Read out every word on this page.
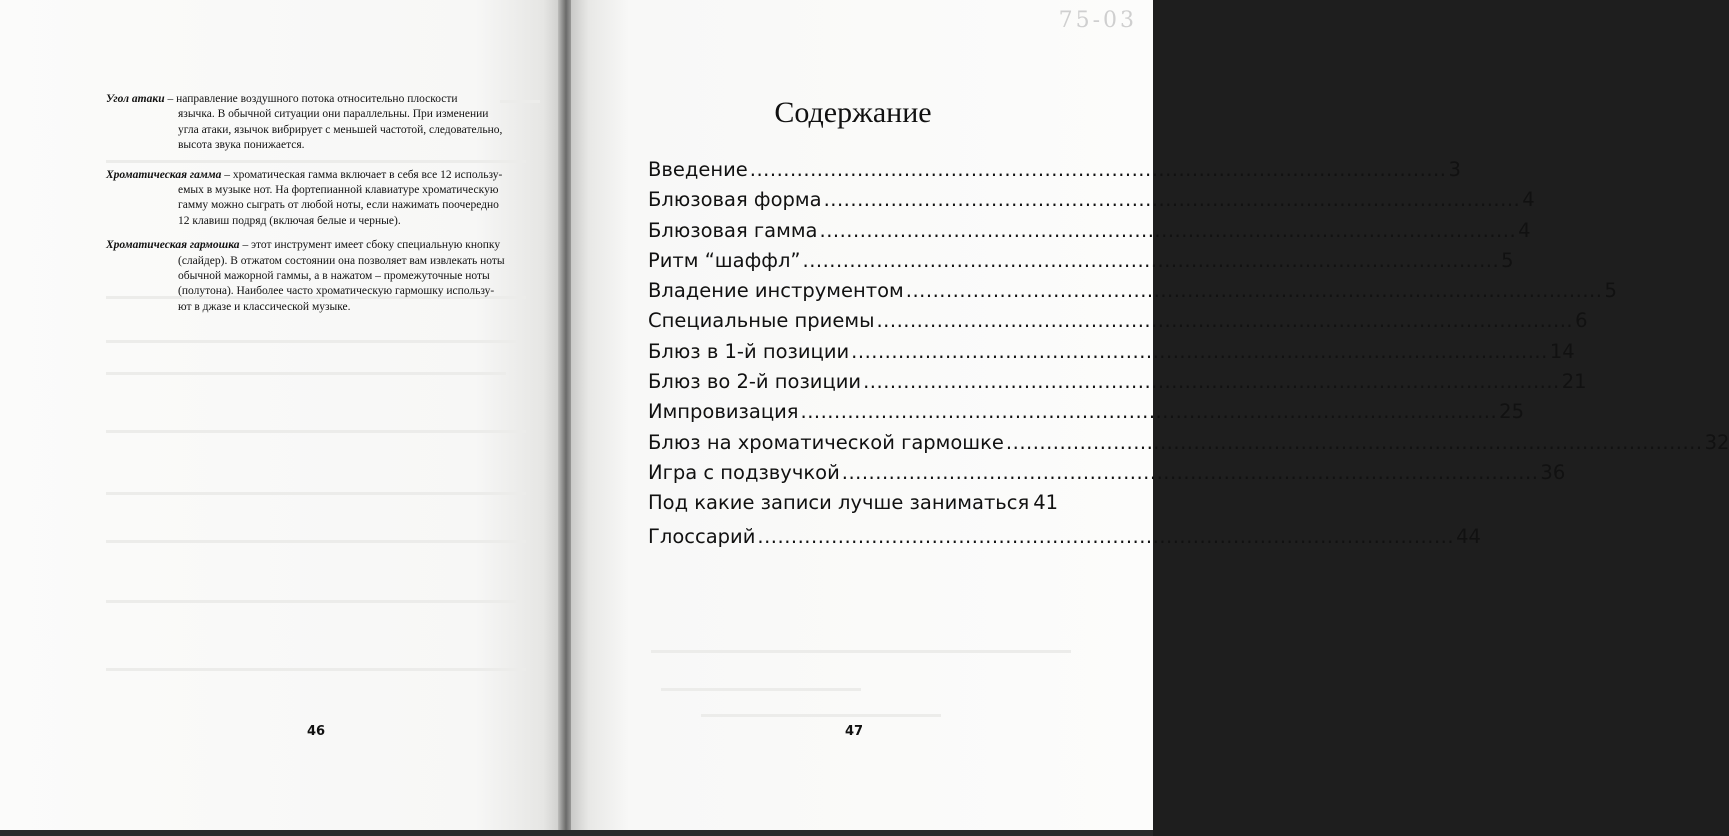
Угол атаки – направление воздушного потока относительно плоскости
язычка. В обычной ситуации они параллельны. При изменении
угла атаки, язычок вибрирует с меньшей частотой, следовательно,
высота звука понижается.
Хроматическая гамма – хроматическая гамма включает в себя все 12 использу-
емых в музыке нот. На фортепианной клавиатуре хроматическую
гамму можно сыграть от любой ноты, если нажимать поочередно
12 клавиш подряд (включая белые и черные).
Хроматическая гармошка – этот инструмент имеет сбоку специальную кнопку
(слайдер). В отжатом состоянии она позволяет вам извлекать ноты
обычной мажорной гаммы, а в нажатом – промежуточные ноты
(полутона). Наиболее часто хроматическую гармошку использу-
ют в джазе и классической музыке.
46
75-03
Содержание
Введение ........................................................................................................ 3
Блюзовая форма ........................................................................................................ 4
Блюзовая гамма ........................................................................................................ 4
Ритм “шаффл” ........................................................................................................ 5
Владение инструментом ........................................................................................................ 5
Специальные приемы ........................................................................................................ 6
Блюз в 1-й позиции ........................................................................................................ 14
Блюз во 2-й позиции ........................................................................................................ 21
Импровизация ........................................................................................................ 25
Блюз на хроматической гармошке ........................................................................................................ 32
Игра с подзвучкой ........................................................................................................ 36
Под какие записи лучше заниматься 41
Глоссарий ........................................................................................................ 44
47
